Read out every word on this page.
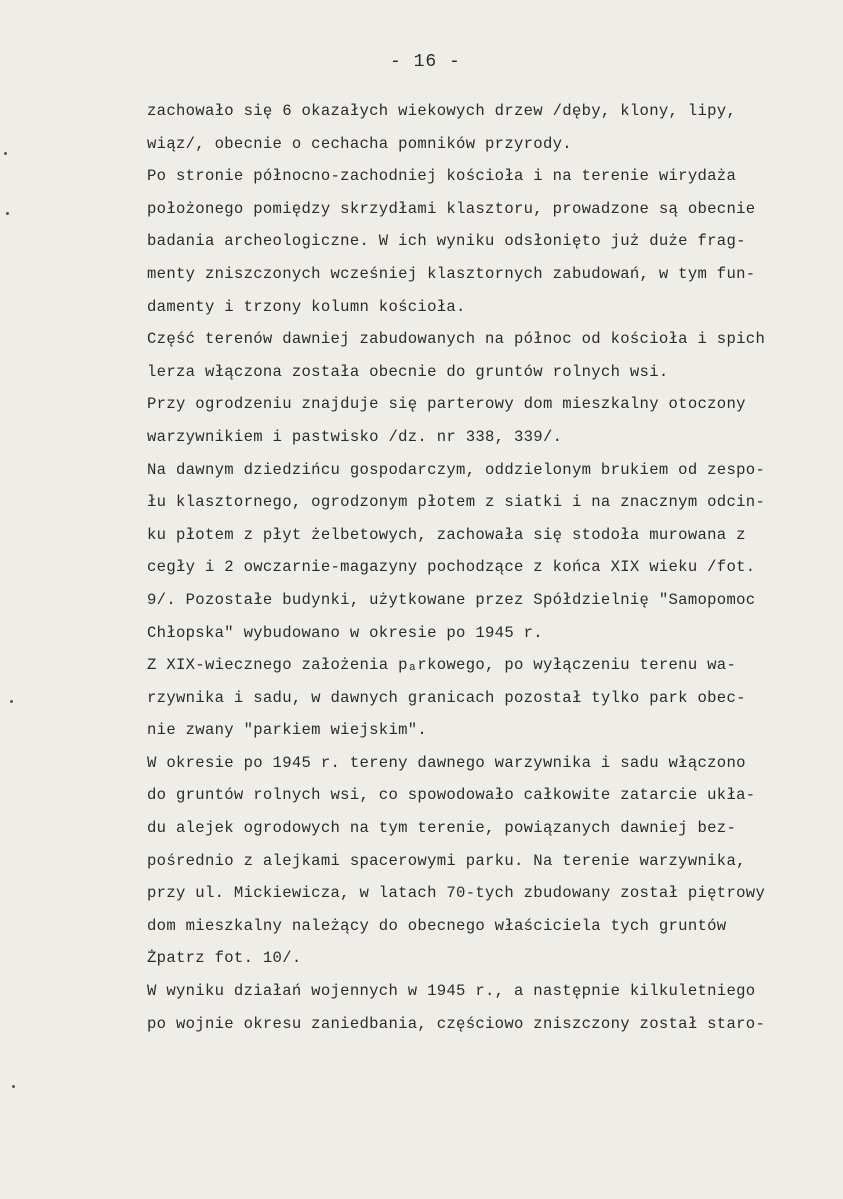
- 16 -
zachowało się 6 okazałych wiekowych drzew /dęby, klony, lipy,
wiąz/, obecnie o cechacha pomników przyrody.
Po stronie północno-zachodniej kościoła i na terenie wirydaża
położonego pomiędzy skrzydłami klasztoru, prowadzone są obecnie
badania archeologiczne. W ich wyniku odsłonięto już duże frag-
menty zniszczonych wcześniej klasztornych zabudowań, w tym fun-
damenty i trzony kolumn kościoła.
Część terenów dawniej zabudowanych na północ od kościoła i spich
lerza włączona została obecnie do gruntów rolnych wsi.
Przy ogrodzeniu znajduje się parterowy dom mieszkalny otoczony
warzywnikiem i pastwisko /dz. nr 338, 339/.
Na dawnym dziedzińcu gospodarczym, oddzielonym brukiem od zespo-
łu klasztornego, ogrodzonym płotem z siatki i na znacznym odcin-
ku płotem z płyt żelbetowych, zachowała się stodoła murowana z
cegły i 2 owczarnie-magazyny pochodzące z końca XIX wieku /fot.
9/. Pozostałe budynki, użytkowane przez Spółdzielnię "Samopomoc
Chłopska" wybudowano w okresie po 1945 r.
Z XIX-wiecznego założenia pₐrkowego, po wyłączeniu terenu wa-
rzywnika i sadu, w dawnych granicach pozostał tylko park obec-
nie zwany "parkiem wiejskim".
W okresie po 1945 r. tereny dawnego warzywnika i sadu włączono
do gruntów rolnych wsi, co spowodowało całkowite zatarcie ukła-
du alejek ogrodowych na tym terenie, powiązanych dawniej bez-
pośrednio z alejkami spacerowymi parku. Na terenie warzywnika,
przy ul. Mickiewicza, w latach 70-tych zbudowany został piętrowy
dom mieszkalny należący do obecnego właściciela tych gruntów
Żpatrz fot. 10/.
W wyniku działań wojennych w 1945 r., a następnie kilkuletniego
po wojnie okresu zaniedbania, częściowo zniszczony został staro-
